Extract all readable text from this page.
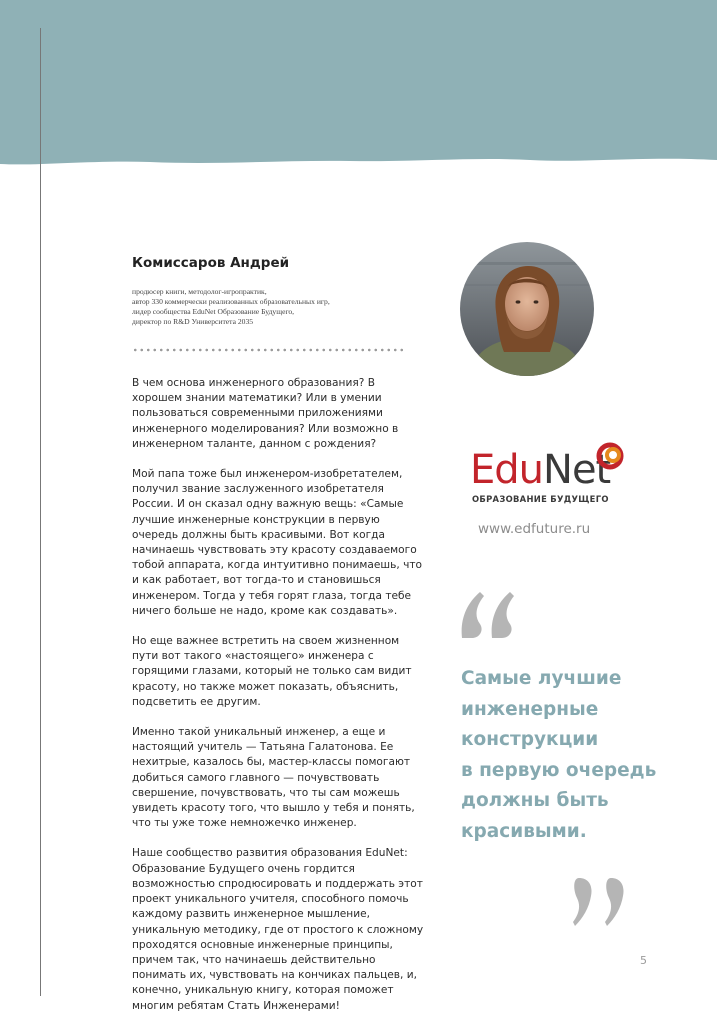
Комиссаров Андрей
продюсер книги, методолог-игропрактик,
автор 330 коммерчески реализованных образовательных игр,
лидер сообщества EduNet Образование Будущего,
директор по R&D Университета 2035

В чем основа инженерного образования? В хорошем знании математики? Или в умении пользоваться современными приложениями инженерного моделирования? Или возможно в инженерном таланте, данном с рождения?

Мой папа тоже был инженером-изобретателем, получил звание заслуженного изобретателя России. И он сказал одну важную вещь: «Самые лучшие инженерные конструкции в первую очередь должны быть красивыми. Вот когда начинаешь чувствовать эту красоту создаваемого тобой аппарата, когда интуитивно понимаешь, что и как работает, вот тогда-то и становишься инженером. Тогда у тебя горят глаза, тогда тебе ничего больше не надо, кроме как создавать».

Но еще важнее встретить на своем жизненном пути вот такого «настоящего» инженера с горящими глазами, который не только сам видит красоту, но также может показать, объяснить, подсветить ее другим.

Именно такой уникальный инженер, а еще и настоящий учитель — Татьяна Галатонова. Ее нехитрые, казалось бы, мастер-классы помогают добиться самого главного — почувствовать свершение, почувствовать, что ты сам можешь увидеть красоту того, что вышло у тебя и понять, что ты уже тоже немножечко инженер.

Наше сообщество развития образования EduNet: Образование Будущего очень гордится возможностью спродюсировать и поддержать этот проект уникального учителя, способного помочь каждому развить инженерное мышление, уникальную методику, где от простого к сложному проходятся основные инженерные принципы, причем так, что начинаешь действительно понимать их, чувствовать на кончиках пальцев, и, конечно, уникальную книгу, которая поможет многим ребятам Стать Инженерами!

EduNet
ОБРАЗОВАНИЕ БУДУЩЕГО
www.edfuture.ru
Самые лучшие
инженерные
конструкции
в первую очередь
должны быть
красивыми.
5
